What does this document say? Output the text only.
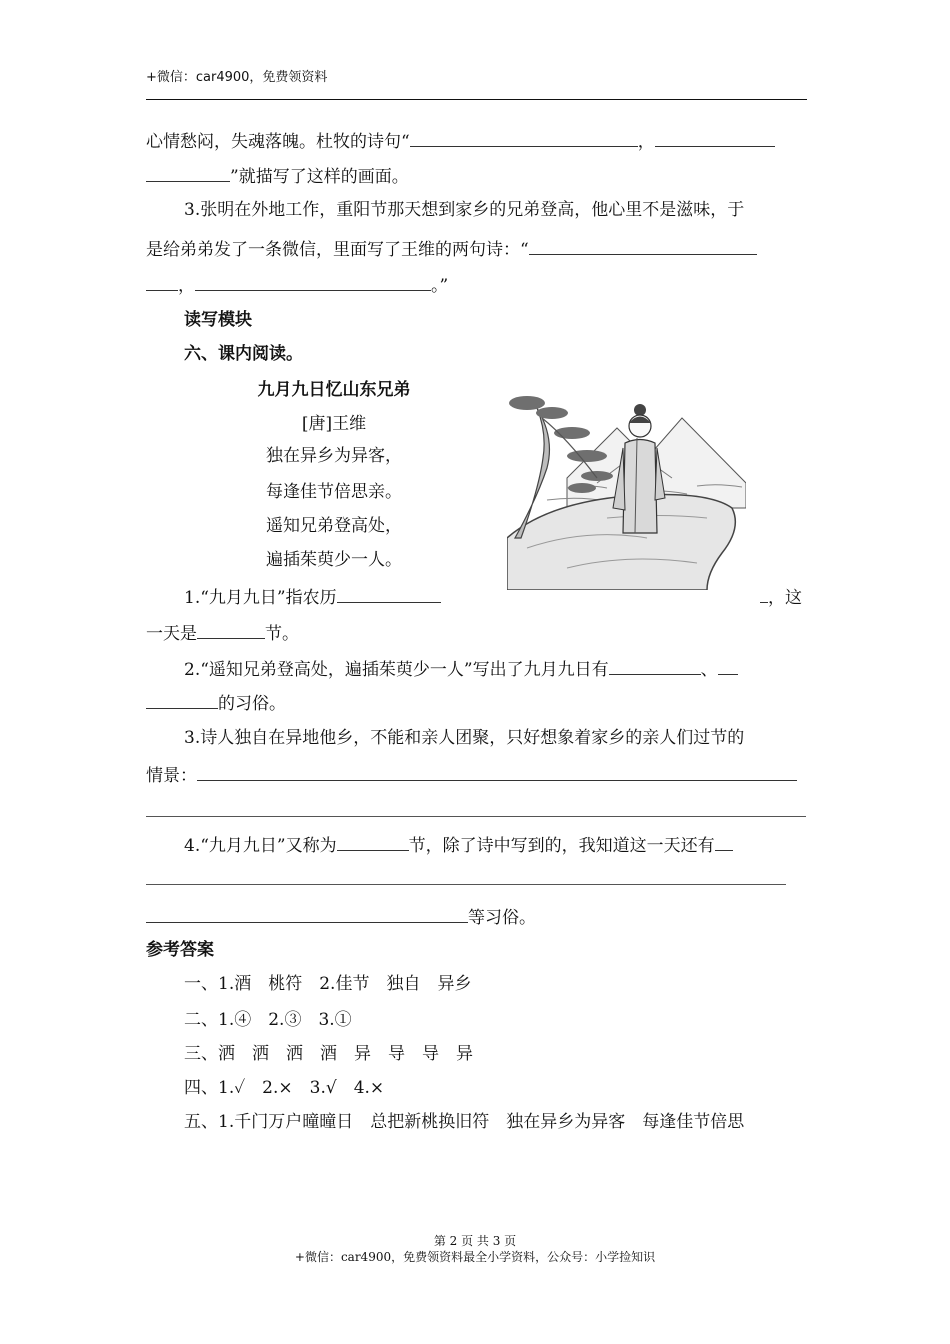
+微信：car4900，免费领资料
心情愁闷，失魂落魄。杜牧的诗句“	，
”就描写了这样的画面。
3.张明在外地工作，重阳节那天想到家乡的兄弟登高，他心里不是滋味，于
是给弟弟发了一条微信，里面写了王维的两句诗：“
，	。”
读写模块
六、课内阅读。
九月九日忆山东兄弟
[唐]王维
独在异乡为异客，
每逢佳节倍思亲。
遥知兄弟登高处，
遍插茱萸少一人。
1.“九月九日”指农历	，这
一天是	节。
2.“遥知兄弟登高处，遍插茱萸少一人”写出了九月九日有	、
的习俗。
3.诗人独自在异地他乡，不能和亲人团聚，只好想象着家乡的亲人们过节的
情景：
4.“九月九日”又称为	节，除了诗中写到的，我知道这一天还有
等习俗。
参考答案
一、1.酒　桃符　2.佳节　独自　异乡
二、1.④　2.③　3.①
三、洒　洒　洒　酒　异　导　导　异
四、1.✓　2.×　3.√　4.×
五、1.千门万户曈曈日　总把新桃换旧符　独在异乡为异客　每逢佳节倍思
第 2 页 共 3 页
+微信：car4900，免费领资料最全小学资料，公众号：小学捡知识
